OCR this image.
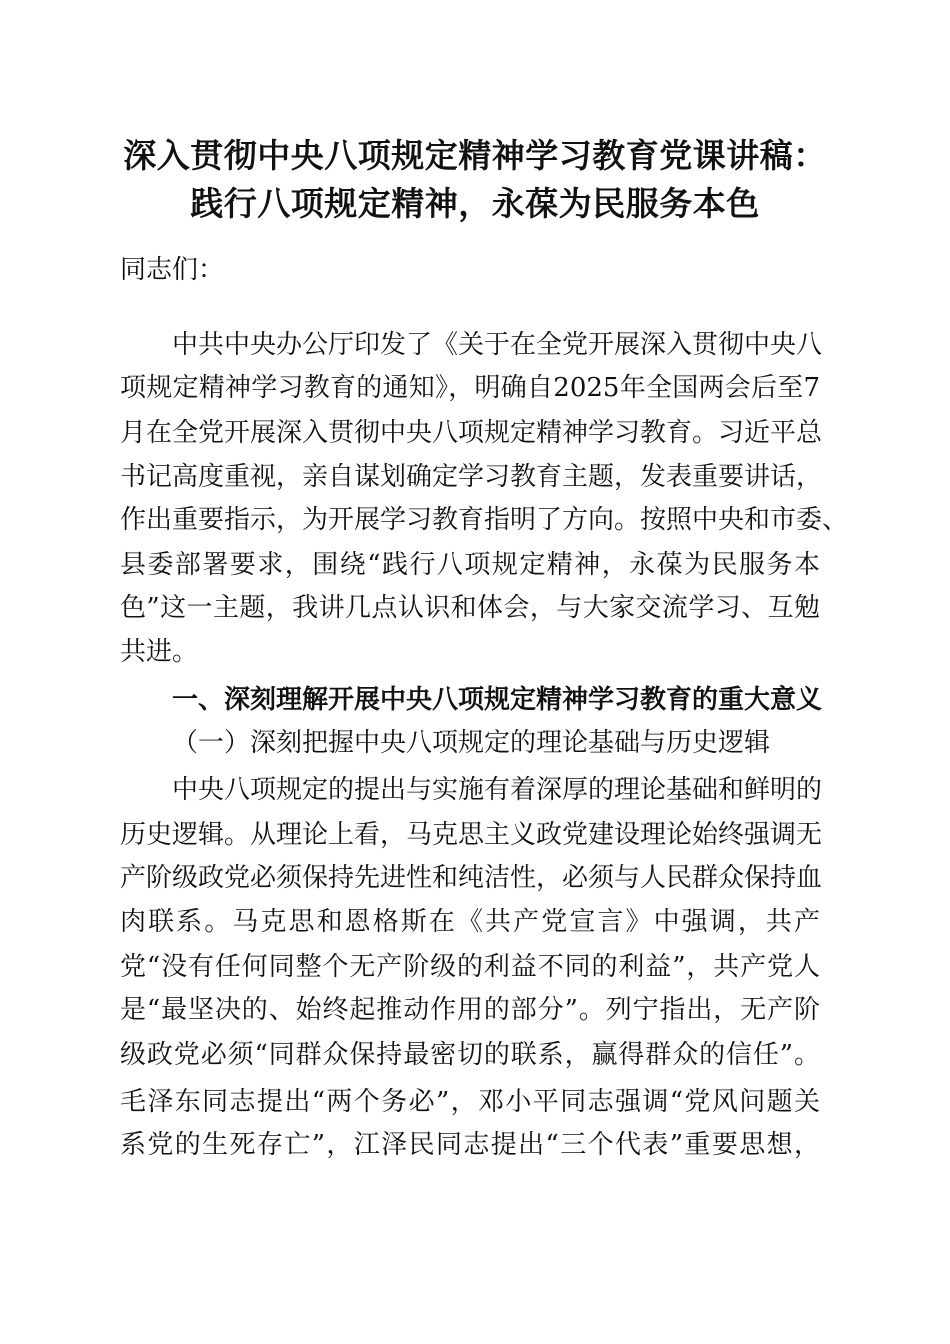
深入贯彻中央八项规定精神学习教育党课讲稿：
践行八项规定精神，永葆为民服务本色
同志们：
一、深刻理解开展中央八项规定精神学习教育的重大意义
（一）深刻把握中央八项规定的理论基础与历史逻辑
中共中央办公厅印发了《关于在全党开展深入贯彻中央八
项规定精神学习教育的通知》，明确自2025年全国两会后至7
月在全党开展深入贯彻中央八项规定精神学习教育。习近平总
书记高度重视，亲自谋划确定学习教育主题，发表重要讲话，
作出重要指示，为开展学习教育指明了方向。按照中央和市委、
县委部署要求，围绕“践行八项规定精神，永葆为民服务本
色”这一主题，我讲几点认识和体会，与大家交流学习、互勉
共进。
中央八项规定的提出与实施有着深厚的理论基础和鲜明的
历史逻辑。从理论上看，马克思主义政党建设理论始终强调无
产阶级政党必须保持先进性和纯洁性，必须与人民群众保持血
肉联系。马克思和恩格斯在《共产党宣言》中强调，共产
党“没有任何同整个无产阶级的利益不同的利益”，共产党人
是“最坚决的、始终起推动作用的部分”。列宁指出，无产阶
级政党必须“同群众保持最密切的联系，赢得群众的信任”。
毛泽东同志提出“两个务必”，邓小平同志强调“党风问题关
系党的生死存亡”，江泽民同志提出“三个代表”重要思想，
